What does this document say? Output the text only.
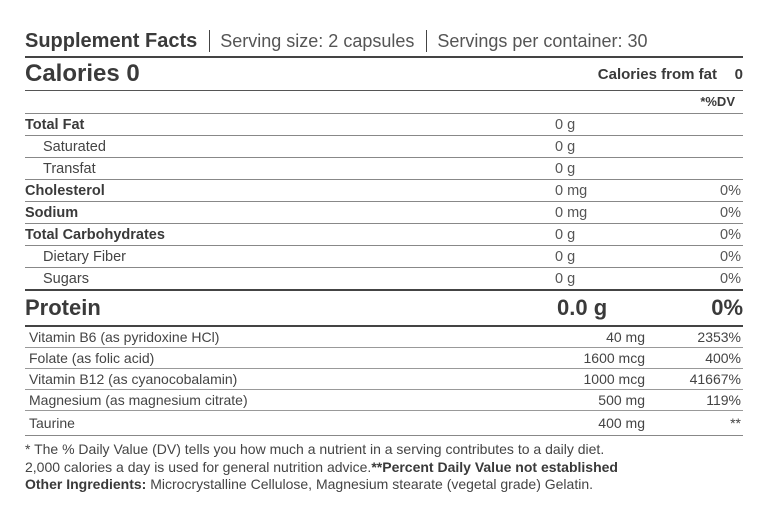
Supplement Facts Serving size: 2 capsules Servings per container: 30
Calories 0	Calories from fat	0
*%DV
Total Fat	0 g
Saturated	0 g
Transfat	0 g
Cholesterol	0 mg	0%
Sodium	0 mg	0%
Total Carbohydrates	0 g	0%
Dietary Fiber	0 g	0%
Sugars	0 g	0%
Protein	0.0 g	0%
Vitamin B6 (as pyridoxine HCl)	40 mg	2353%
Folate (as folic acid)	1600 mcg	400%
Vitamin B12 (as cyanocobalamin)	1000 mcg	41667%
Magnesium (as magnesium citrate)	500 mg	119%
Taurine	400 mg	**
* The % Daily Value (DV) tells you how much a nutrient in a serving contributes to a daily diet.
2,000 calories a day is used for general nutrition advice.**Percent Daily Value not established
Other Ingredients: Microcrystalline Cellulose, Magnesium stearate (vegetal grade) Gelatin.
